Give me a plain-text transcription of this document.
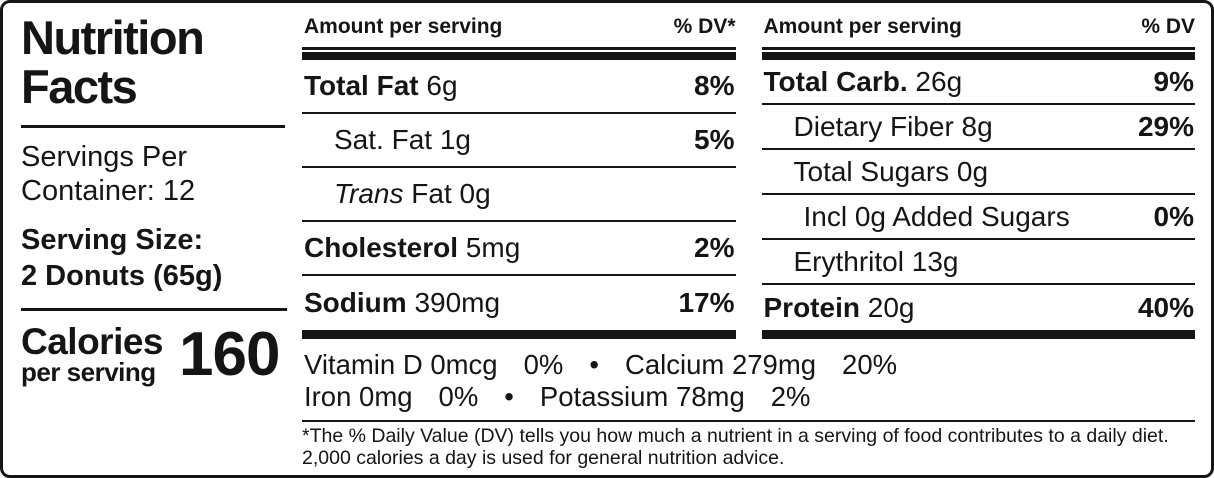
Nutrition
Facts
Servings Per
Container: 12
Serving Size:
2 Donuts (65g)
Calories
per serving 160
Amount per serving	% DV*
Total Fat 6g	8%
Sat. Fat 1g	5%
Trans Fat 0g
Cholesterol 5mg	2%
Sodium 390mg	17%
Amount per serving	% DV
Total Carb. 26g	9%
Dietary Fiber 8g	29%
Total Sugars 0g
Incl 0g Added Sugars	0%
Erythritol 13g
Protein 20g	40%
Vitamin D 0mcg 0% • Calcium 279mg 20%
Iron 0mg 0% • Potassium 78mg 2%
*The % Daily Value (DV) tells you how much a nutrient in a serving of food contributes to a daily diet.
2,000 calories a day is used for general nutrition advice.
